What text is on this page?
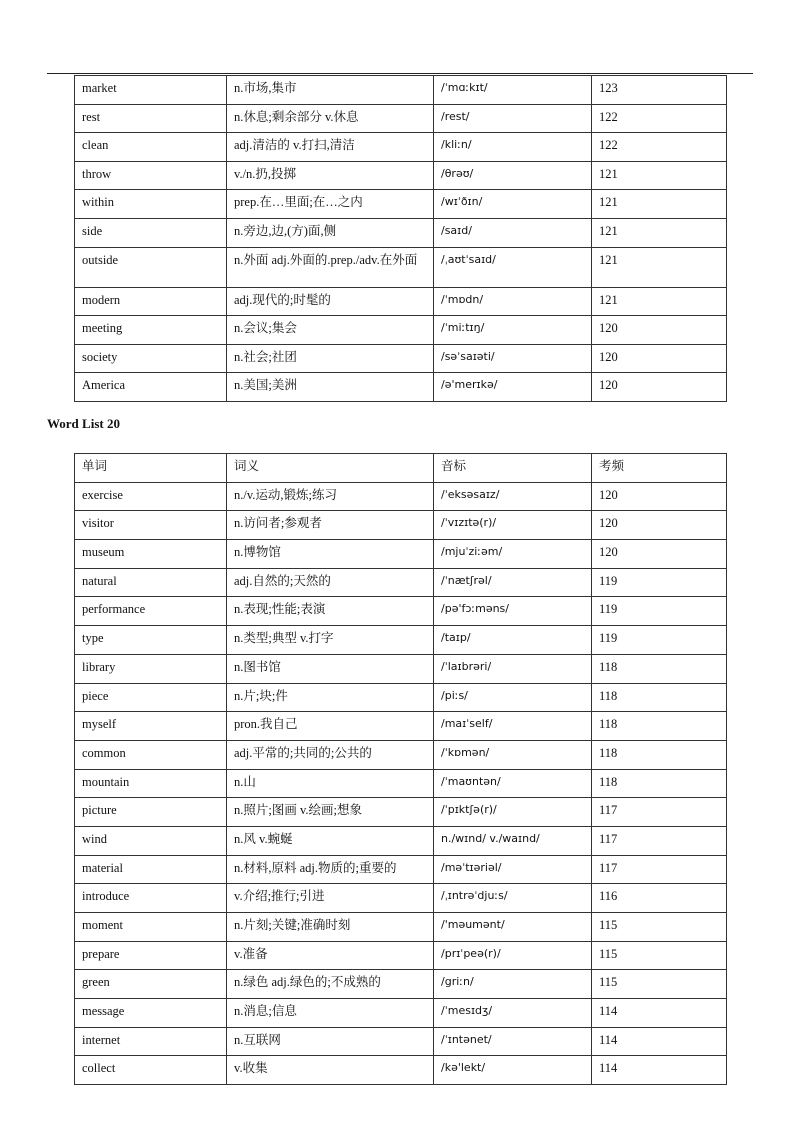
market	n.市场,集市	/ˈmɑːkɪt/	123
rest	n.休息;剩余部分 v.休息	/rest/	122
clean	adj.清洁的 v.打扫,清洁	/kliːn/	122
throw	v./n.扔,投掷	/θrəʊ/	121
within	prep.在…里面;在…之内	/wɪˈðɪn/	121
side	n.旁边,边,(方)面,侧	/saɪd/	121
outside	n.外面 adj.外面的.prep./adv.在外面	/ˌaʊtˈsaɪd/	121
modern	adj.现代的;时髦的	/ˈmɒdn/	121
meeting	n.会议;集会	/ˈmiːtɪŋ/	120
society	n.社会;社团	/səˈsaɪəti/	120
America	n.美国;美洲	/ə'merɪkə/	120
Word List 20
单词	词义	音标	考频
exercise	n./v.运动,锻炼;练习	/ˈeksəsaɪz/	120
visitor	n.访问者;参观者	/ˈvɪzɪtə(r)/	120
museum	n.博物馆	/mjuˈziːəm/	120
natural	adj.自然的;天然的	/ˈnætʃrəl/	119
performance	n.表现;性能;表演	/pə'fɔːməns/	119
type	n.类型;典型 v.打字	/taɪp/	119
library	n.图书馆	/ˈlaɪbrəri/	118
piece	n.片;块;件	/piːs/	118
myself	pron.我自己	/maɪˈself/	118
common	adj.平常的;共同的;公共的	/ˈkɒmən/	118
mountain	n.山	/ˈmaʊntən/	118
picture	n.照片;图画 v.绘画;想象	/ˈpɪktʃə(r)/	117
wind	n.风 v.蜿蜒	n./wɪnd/ v./waɪnd/	117
material	n.材料,原料 adj.物质的;重要的	/məˈtɪəriəl/	117
introduce	v.介绍;推行;引进	/ˌɪntrəˈdjuːs/	116
moment	n.片刻;关键;准确时刻	/'məumənt/	115
prepare	v.准备	/prɪˈpeə(r)/	115
green	n.绿色 adj.绿色的;不成熟的	/griːn/	115
message	n.消息;信息	/ˈmesɪdʒ/	114
internet	n.互联网	/ˈɪntənet/	114
collect	v.收集	/kə'lekt/	114
